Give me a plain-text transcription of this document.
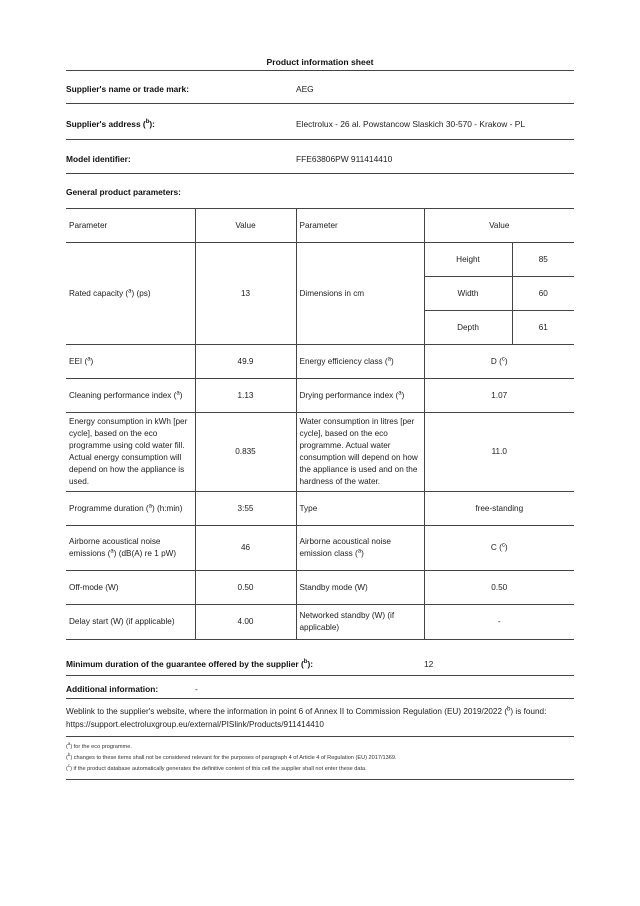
Product information sheet
Supplier's name or trade mark:	AEG
Supplier's address ($^b$):	Electrolux - 26 al. Powstancow Slaskich 30-570 - Krakow - PL
Model identifier:	FFE63806PW 911414410
General product parameters:
Parameter	Value	Parameter	Value	
Rated capacity ($^a$) (ps)	13	Dimensions in cm	Height	85
			Width	60
			Depth	61
EEI ($^a$)	49.9	Energy efficiency class ($^a$)	D ($^c$)	
Cleaning performance index ($^a$)	1.13	Drying performance index ($^a$)	1.07	
Energy consumption in kWh [per cycle], based on the eco programme using cold water fill. Actual energy consumption will depend on how the appliance is used.	0.835	Water consumption in litres [per cycle], based on the eco programme. Actual water consumption will depend on how the appliance is used and on the hardness of the water.	11.0	
Programme duration ($^a$) (h:min)	3:55	Type	free-standing	
Airborne acoustical noise emissions ($^a$) (dB(A) re 1 pW)	46	Airborne acoustical noise emission class ($^a$)	C ($^c$)	
Off-mode (W)	0.50	Standby mode (W)	0.50	
Delay start (W) (if applicable)	4.00	Networked standby (W) (if applicable)	-	
Minimum duration of the guarantee offered by the supplier ($^b$):	12
Additional information:	-
Weblink to the supplier's website, where the information in point 6 of Annex II to Commission Regulation (EU) 2019/2022 ($^b$) is found: https://support.electroluxgroup.eu/external/PISlink/Products/911414410
($^a$) for the eco programme.
($^b$) changes to these items shall not be considered relevant for the purposes of paragraph 4 of Article 4 of Regulation (EU) 2017/1369.
($^c$) if the product database automatically generates the definitive content of this cell the supplier shall not enter these data.
